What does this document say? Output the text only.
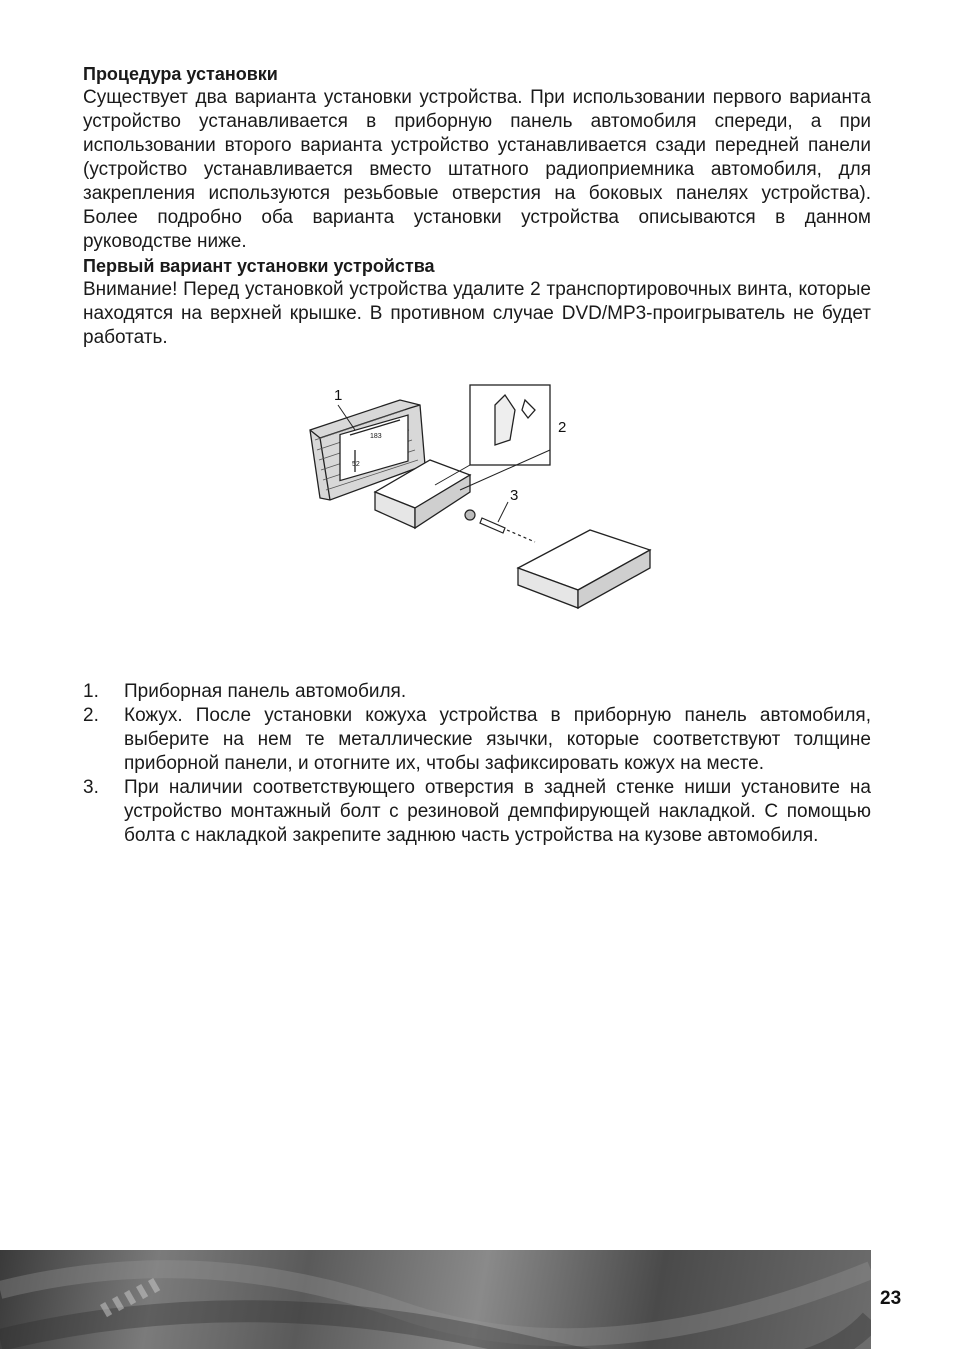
Процедура установки

Существует два варианта установки устройства. При использовании первого варианта устройство устанавливается в приборную панель автомобиля спереди, а при использовании второго варианта устройство устанавливается сзади передней панели (устройство устанавливается вместо штатного радиоприемника автомобиля, для закрепления используются резьбовые отверстия на боковых панелях устройства). Более подробно оба варианта установки устройства описываются в данном руководстве ниже.

Первый вариант установки устройства

Внимание! Перед установкой устройства удалите 2 транспортировочных винта, которые находятся на верхней крышке. В противном случае DVD/MP3-проигрыватель не будет работать.

183
52
1
2
3
1. Приборная панель автомобиля.
2. Кожух. После установки кожуха устройства в приборную панель автомобиля, выберите на нем те металлические язычки, которые соответствуют толщине приборной панели, и отогните их, чтобы зафиксировать кожух на месте.
3. При наличии соответствующего отверстия в задней стенке ниши установите на устройство монтажный болт с резиновой демпфирующей накладкой. С помощью болта с накладкой закрепите заднюю часть устройства на кузове автомобиля.
23
